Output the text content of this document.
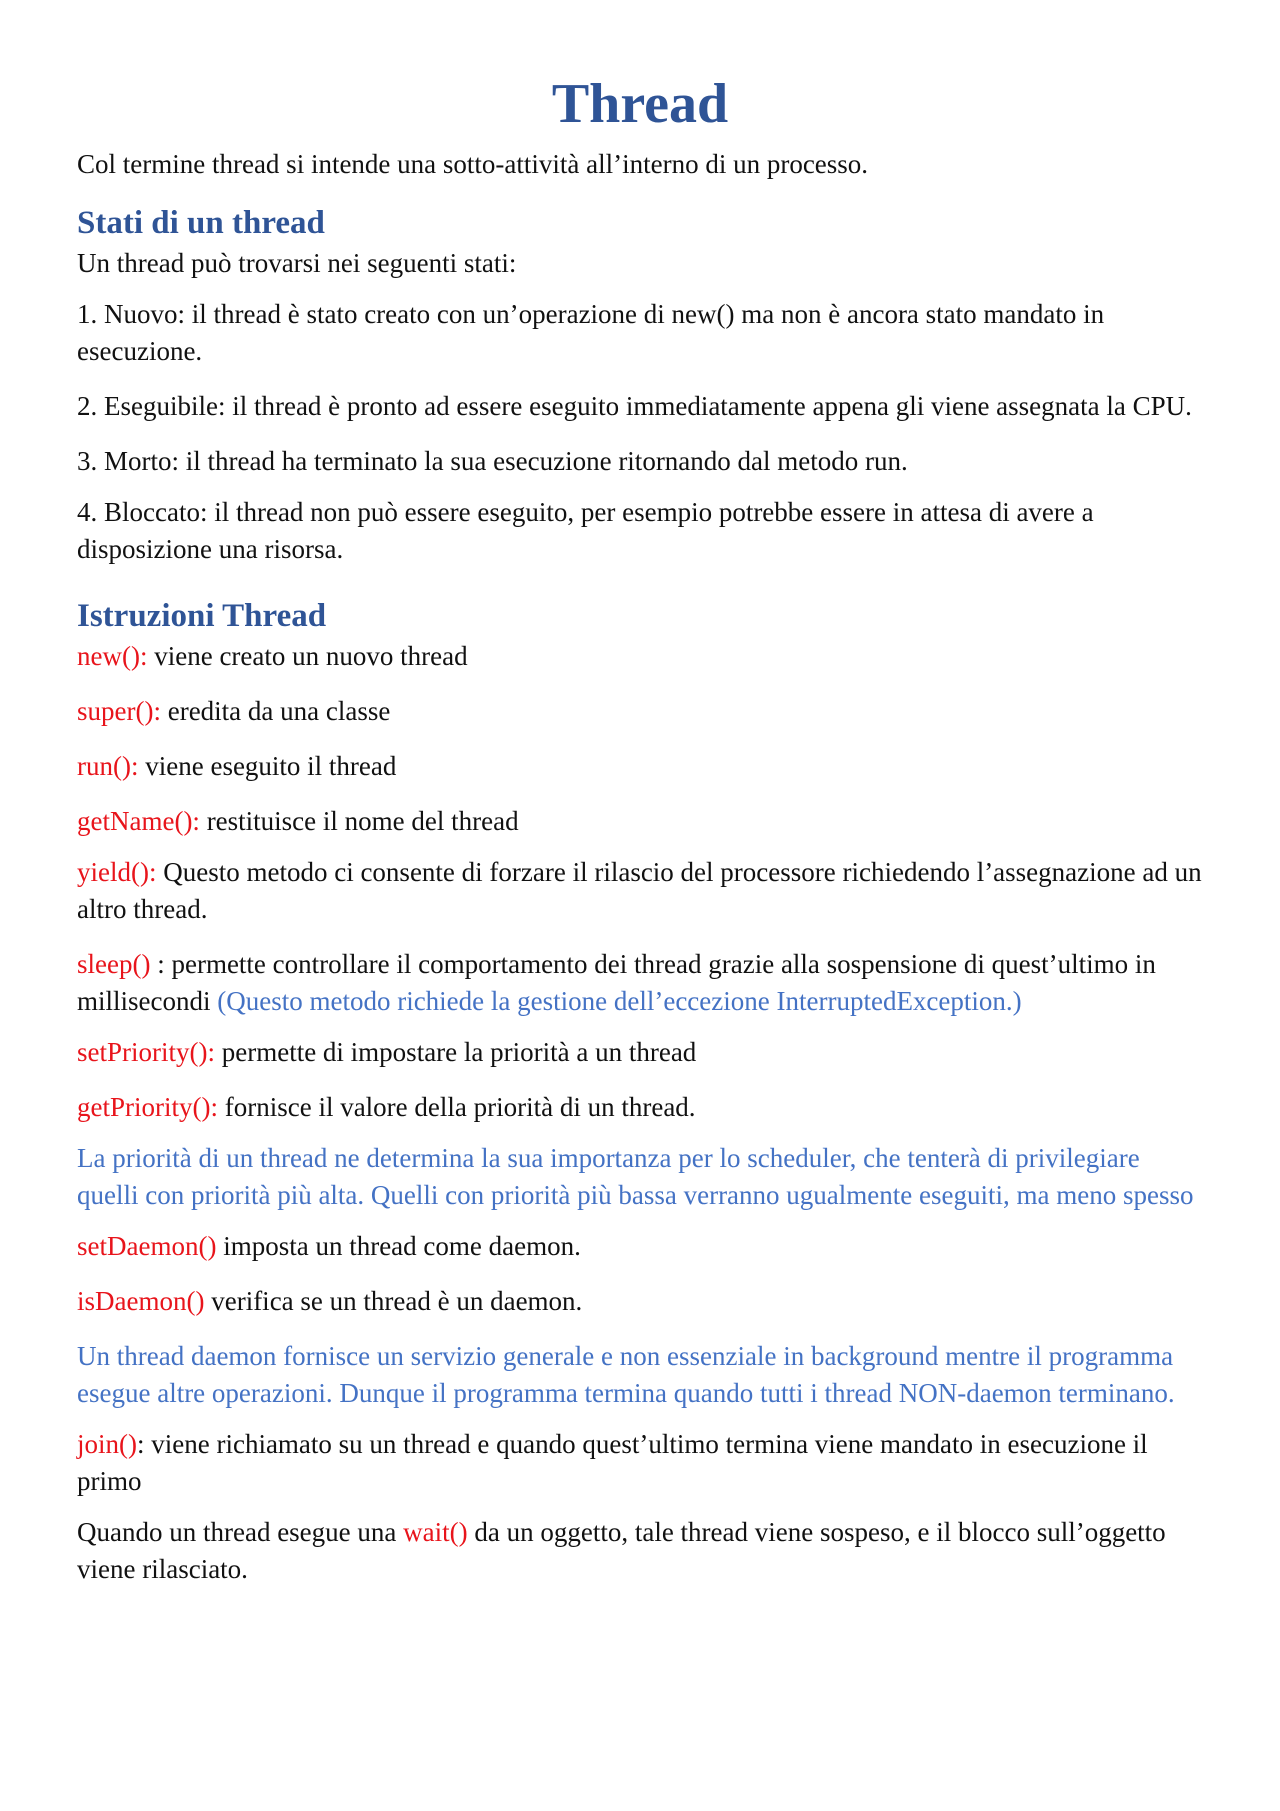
Thread

Col termine thread si intende una sotto-attività all’interno di un processo.

Stati di un thread

Un thread può trovarsi nei seguenti stati:

1. Nuovo: il thread è stato creato con un’operazione di new() ma non è ancora stato mandato in esecuzione.

2. Eseguibile: il thread è pronto ad essere eseguito immediatamente appena gli viene assegnata la CPU.

3. Morto: il thread ha terminato la sua esecuzione ritornando dal metodo run.

4. Bloccato: il thread non può essere eseguito, per esempio potrebbe essere in attesa di avere a disposizione una risorsa.

Istruzioni Thread

new(): viene creato un nuovo thread

super(): eredita da una classe

run(): viene eseguito il thread

getName(): restituisce il nome del thread

yield(): Questo metodo ci consente di forzare il rilascio del processore richiedendo l’assegnazione ad un altro thread.

sleep() : permette controllare il comportamento dei thread grazie alla sospensione di quest’ultimo in millisecondi (Questo metodo richiede la gestione dell’eccezione InterruptedException.)

setPriority(): permette di impostare la priorità a un thread

getPriority(): fornisce il valore della priorità di un thread.

La priorità di un thread ne determina la sua importanza per lo scheduler, che tenterà di privilegiare quelli con priorità più alta. Quelli con priorità più bassa verranno ugualmente eseguiti, ma meno spesso

setDaemon() imposta un thread come daemon.

isDaemon() verifica se un thread è un daemon.

Un thread daemon fornisce un servizio generale e non essenziale in background mentre il programma esegue altre operazioni. Dunque il programma termina quando tutti i thread NON-daemon terminano.

join(): viene richiamato su un thread e quando quest’ultimo termina viene mandato in esecuzione il primo

Quando un thread esegue una wait() da un oggetto, tale thread viene sospeso, e il blocco sull’oggetto viene rilasciato.
